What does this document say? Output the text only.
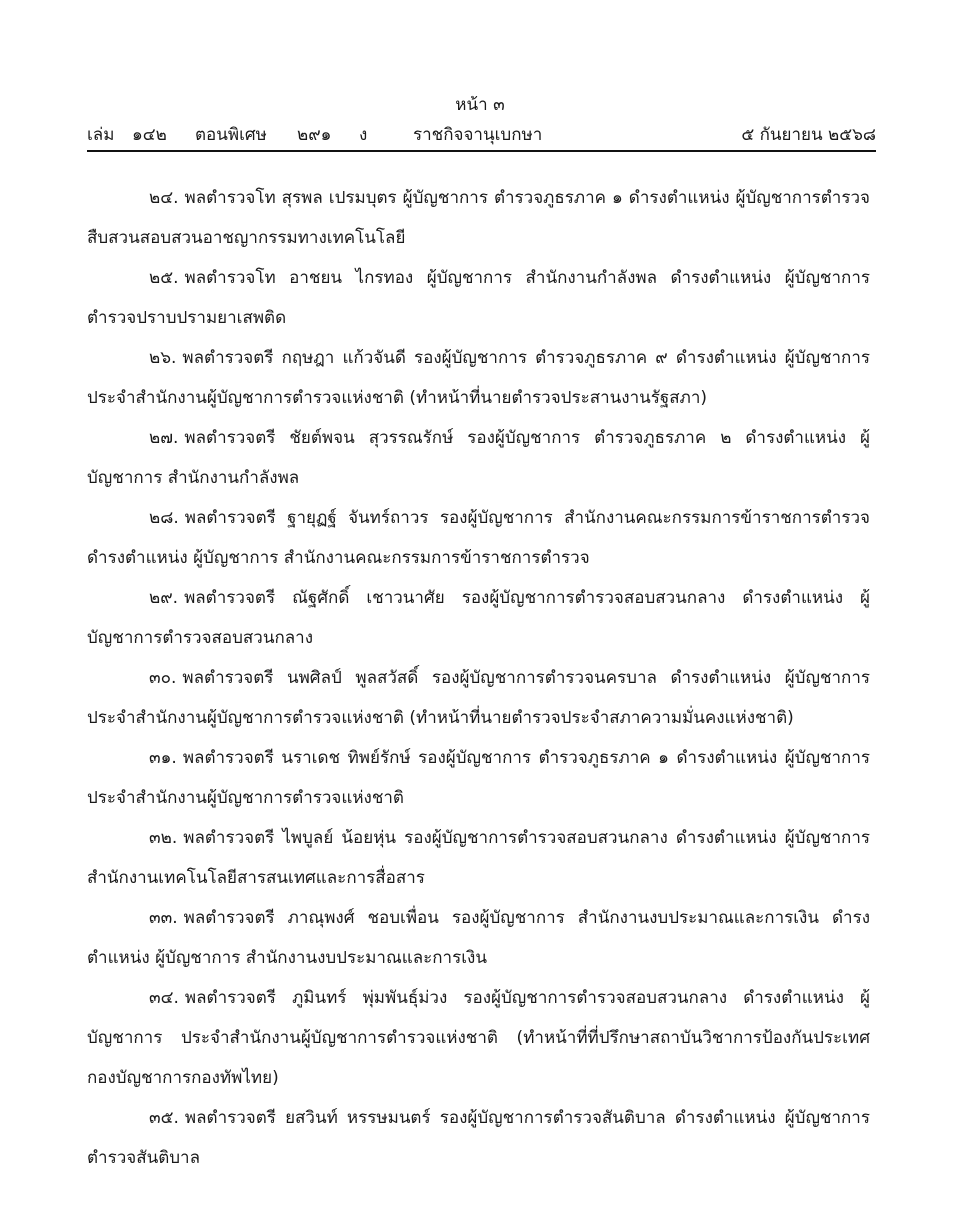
หน้า ๓
เล่ม ๑๔๒ ตอนพิเศษ ๒๙๑ ง	ราชกิจจานุเบกษา	๕ กันยายน ๒๕๖๘

๒๔. พลตำรวจโท สุรพล เปรมบุตร ผู้บัญชาการ ตำรวจภูธรภาค ๑ ดำรงตำแหน่ง ผู้บัญชาการตำรวจสืบสวนสอบสวนอาชญากรรมทางเทคโนโลยี

๒๕. พลตำรวจโท อาชยน ไกรทอง ผู้บัญชาการ สำนักงานกำลังพล ดำรงตำแหน่ง ผู้บัญชาการตำรวจปราบปรามยาเสพติด

๒๖. พลตำรวจตรี กฤษฎา แก้วจันดี รองผู้บัญชาการ ตำรวจภูธรภาค ๙ ดำรงตำแหน่ง ผู้บัญชาการ ประจำสำนักงานผู้บัญชาการตำรวจแห่งชาติ (ทำหน้าที่นายตำรวจประสานงานรัฐสภา)

๒๗. พลตำรวจตรี ชัยต์พจน สุวรรณรักษ์ รองผู้บัญชาการ ตำรวจภูธรภาค ๒ ดำรงตำแหน่ง ผู้บัญชาการ สำนักงานกำลังพล

๒๘. พลตำรวจตรี ฐายุฏฐ์ จันทร์ถาวร รองผู้บัญชาการ สำนักงานคณะกรรมการข้าราชการตำรวจ ดำรงตำแหน่ง ผู้บัญชาการ สำนักงานคณะกรรมการข้าราชการตำรวจ

๒๙. พลตำรวจตรี ณัฐศักดิ์ เชาวนาศัย รองผู้บัญชาการตำรวจสอบสวนกลาง ดำรงตำแหน่ง ผู้บัญชาการตำรวจสอบสวนกลาง

๓๐. พลตำรวจตรี นพศิลป์ พูลสวัสดิ์ รองผู้บัญชาการตำรวจนครบาล ดำรงตำแหน่ง ผู้บัญชาการ ประจำสำนักงานผู้บัญชาการตำรวจแห่งชาติ (ทำหน้าที่นายตำรวจประจำสภาความมั่นคงแห่งชาติ)

๓๑. พลตำรวจตรี นราเดช ทิพย์รักษ์ รองผู้บัญชาการ ตำรวจภูธรภาค ๑ ดำรงตำแหน่ง ผู้บัญชาการ ประจำสำนักงานผู้บัญชาการตำรวจแห่งชาติ

๓๒. พลตำรวจตรี ไพบูลย์ น้อยหุ่น รองผู้บัญชาการตำรวจสอบสวนกลาง ดำรงตำแหน่ง ผู้บัญชาการ สำนักงานเทคโนโลยีสารสนเทศและการสื่อสาร

๓๓. พลตำรวจตรี ภาณุพงศ์ ชอบเพื่อน รองผู้บัญชาการ สำนักงานงบประมาณและการเงิน ดำรงตำแหน่ง ผู้บัญชาการ สำนักงานงบประมาณและการเงิน

๓๔. พลตำรวจตรี ภูมินทร์ พุ่มพันธุ์ม่วง รองผู้บัญชาการตำรวจสอบสวนกลาง ดำรงตำแหน่ง ผู้บัญชาการ ประจำสำนักงานผู้บัญชาการตำรวจแห่งชาติ (ทำหน้าที่ที่ปรึกษาสถาบันวิชาการป้องกันประเทศ กองบัญชาการกองทัพไทย)

๓๕. พลตำรวจตรี ยสวินท์ หรรษมนตร์ รองผู้บัญชาการตำรวจสันติบาล ดำรงตำแหน่ง ผู้บัญชาการตำรวจสันติบาล
